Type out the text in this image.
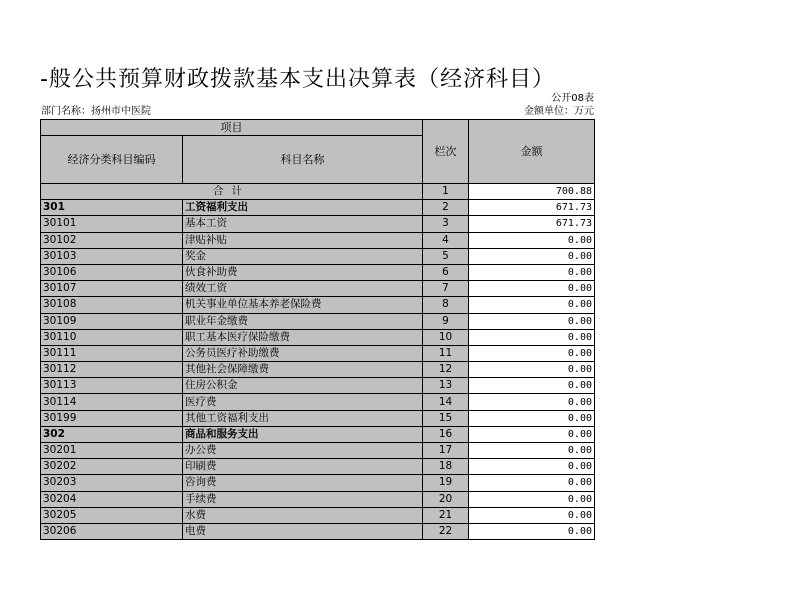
-般公共预算财政拨款基本支出决算表（经济科目）
公开08表
部门名称：扬州市中医院	金额单位：万元
项目		栏次	金额
经济分类科目编码	科目名称		
合计		1	700.88
301	工资福利支出	2	671.73
30101	基本工资	3	671.73
30102	津贴补贴	4	0.00
30103	奖金	5	0.00
30106	伙食补助费	6	0.00
30107	绩效工资	7	0.00
30108	机关事业单位基本养老保险费	8	0.00
30109	职业年金缴费	9	0.00
30110	职工基本医疗保险缴费	10	0.00
30111	公务员医疗补助缴费	11	0.00
30112	其他社会保障缴费	12	0.00
30113	住房公积金	13	0.00
30114	医疗费	14	0.00
30199	其他工资福利支出	15	0.00
302	商品和服务支出	16	0.00
30201	办公费	17	0.00
30202	印刷费	18	0.00
30203	咨询费	19	0.00
30204	手续费	20	0.00
30205	水费	21	0.00
30206	电费	22	0.00
